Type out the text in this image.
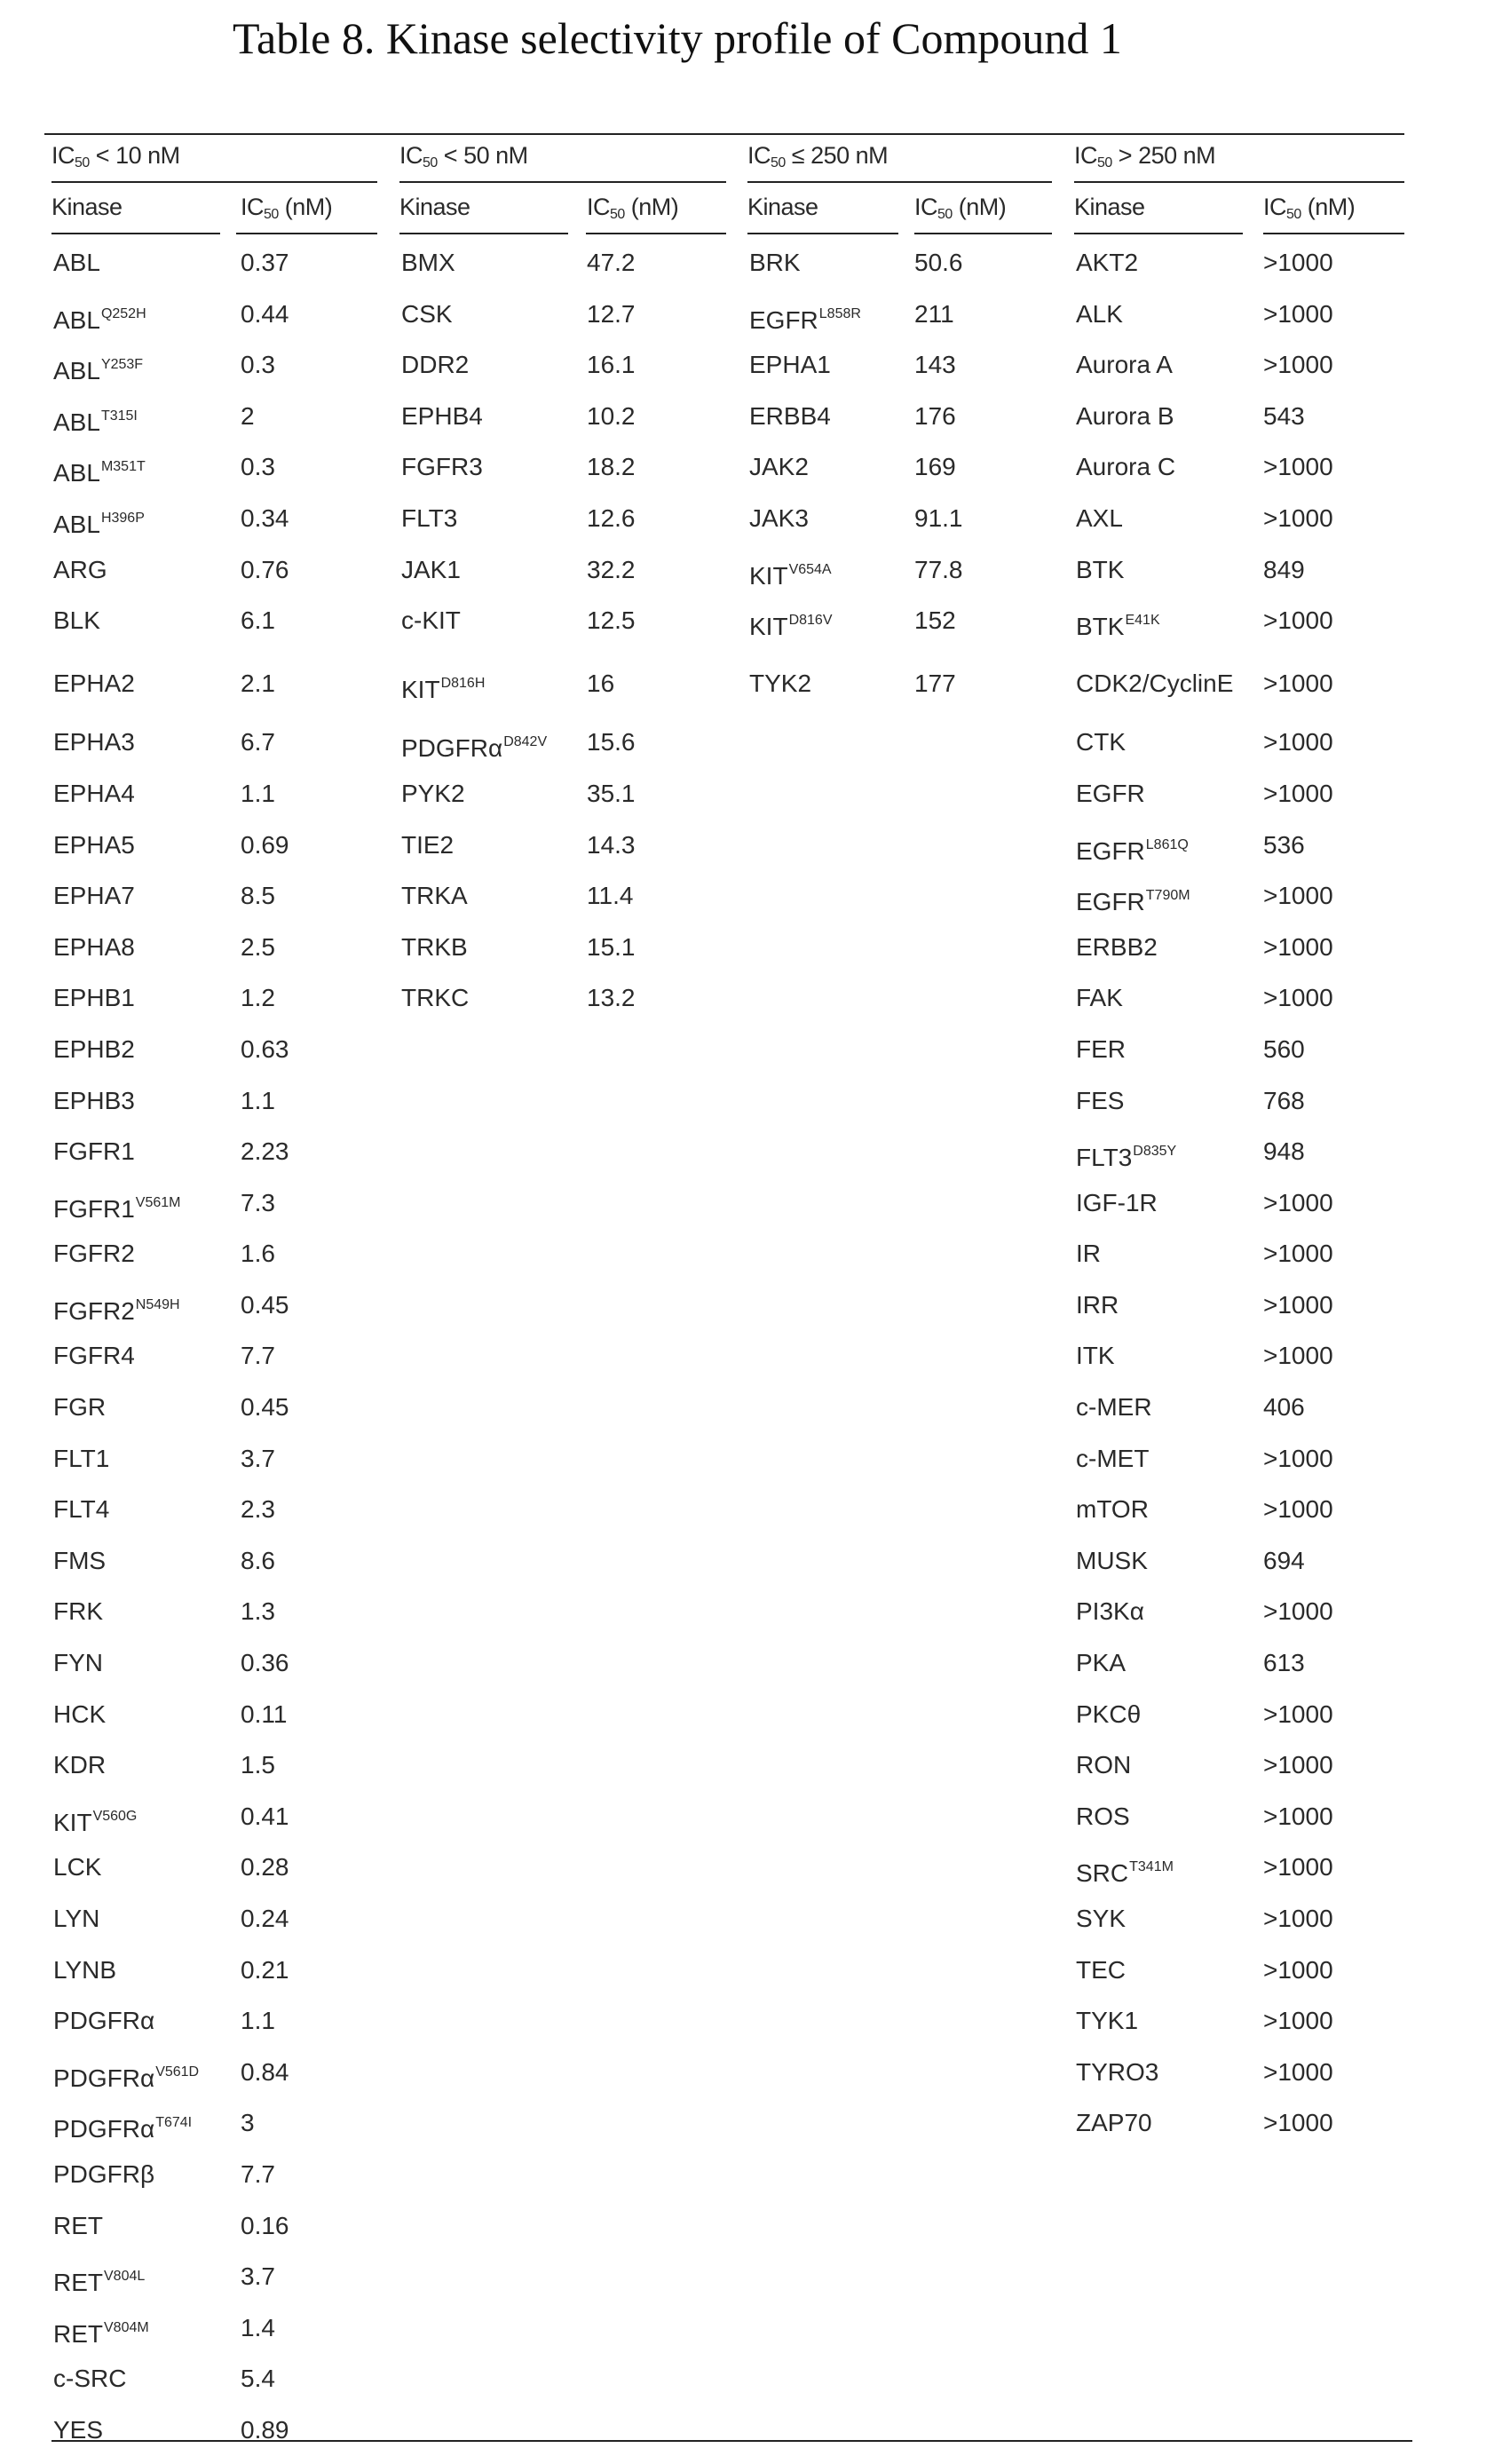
Table 8. Kinase selectivity profile of Compound 1
IC50 < 10 nM
Kinase	IC50 (nM)
ABL	0.37
ABLQ252H	0.44
ABLY253F	0.3
ABLT315I	2
ABLM351T	0.3
ABLH396P	0.34
ARG	0.76
BLK	6.1
EPHA2	2.1
EPHA3	6.7
EPHA4	1.1
EPHA5	0.69
EPHA7	8.5
EPHA8	2.5
EPHB1	1.2
EPHB2	0.63
EPHB3	1.1
FGFR1	2.23
FGFR1V561M 7.3
FGFR2	1.6
FGFR2N549H 0.45
FGFR4	7.7
FGR	0.45
FLT1	3.7
FLT4	2.3
FMS	8.6
FRK	1.3
FYN	0.36
HCK	0.11
KDR	1.5
KITV560G	0.41
LCK	0.28
LYN	0.24
LYNB	0.21
PDGFRα	1.1
PDGFRαV561D 0.84
PDGFRαT674I 3
PDGFRβ	7.7
RET	0.16
RETV804L	3.7
RETV804M	1.4
c-SRC	5.4
YES	0.89
IC50 < 50 nM
Kinase	IC50 (nM)
BMX	47.2
CSK	12.7
DDR2	16.1
EPHB4	10.2
FGFR3	18.2
FLT3	12.6
JAK1	32.2
c-KIT	12.5
KITD816H	16
PDGFRαD842V 15.6
PYK2	35.1
TIE2	14.3
TRKA	11.4
TRKB	15.1
TRKC	13.2
IC50 ≤ 250 nM
Kinase	IC50 (nM)
BRK	50.6
EGFRL858R 211
EPHA1	143
ERBB4	176
JAK2	169
JAK3	91.1
KITV654A	77.8
KITD816V	152
TYK2	177
IC50 > 250 nM
Kinase	IC50 (nM)
AKT2	>1000
ALK	>1000
Aurora A	>1000
Aurora B	543
Aurora C	>1000
AXL	>1000
BTK	849
BTKE41K	>1000
CDK2/CyclinE >1000
CTK	>1000
EGFR	>1000
EGFRL861Q	536
EGFRT790M	>1000
ERBB2	>1000
FAK	>1000
FER	560
FES	768
FLT3D835Y	948
IGF-1R	>1000
IR	>1000
IRR	>1000
ITK	>1000
c-MER	406
c-MET	>1000
mTOR	>1000
MUSK	694
PI3Kα	>1000
PKA	613
PKCθ	>1000
RON	>1000
ROS	>1000
SRCT341M	>1000
SYK	>1000
TEC	>1000
TYK1	>1000
TYRO3	>1000
ZAP70	>1000
